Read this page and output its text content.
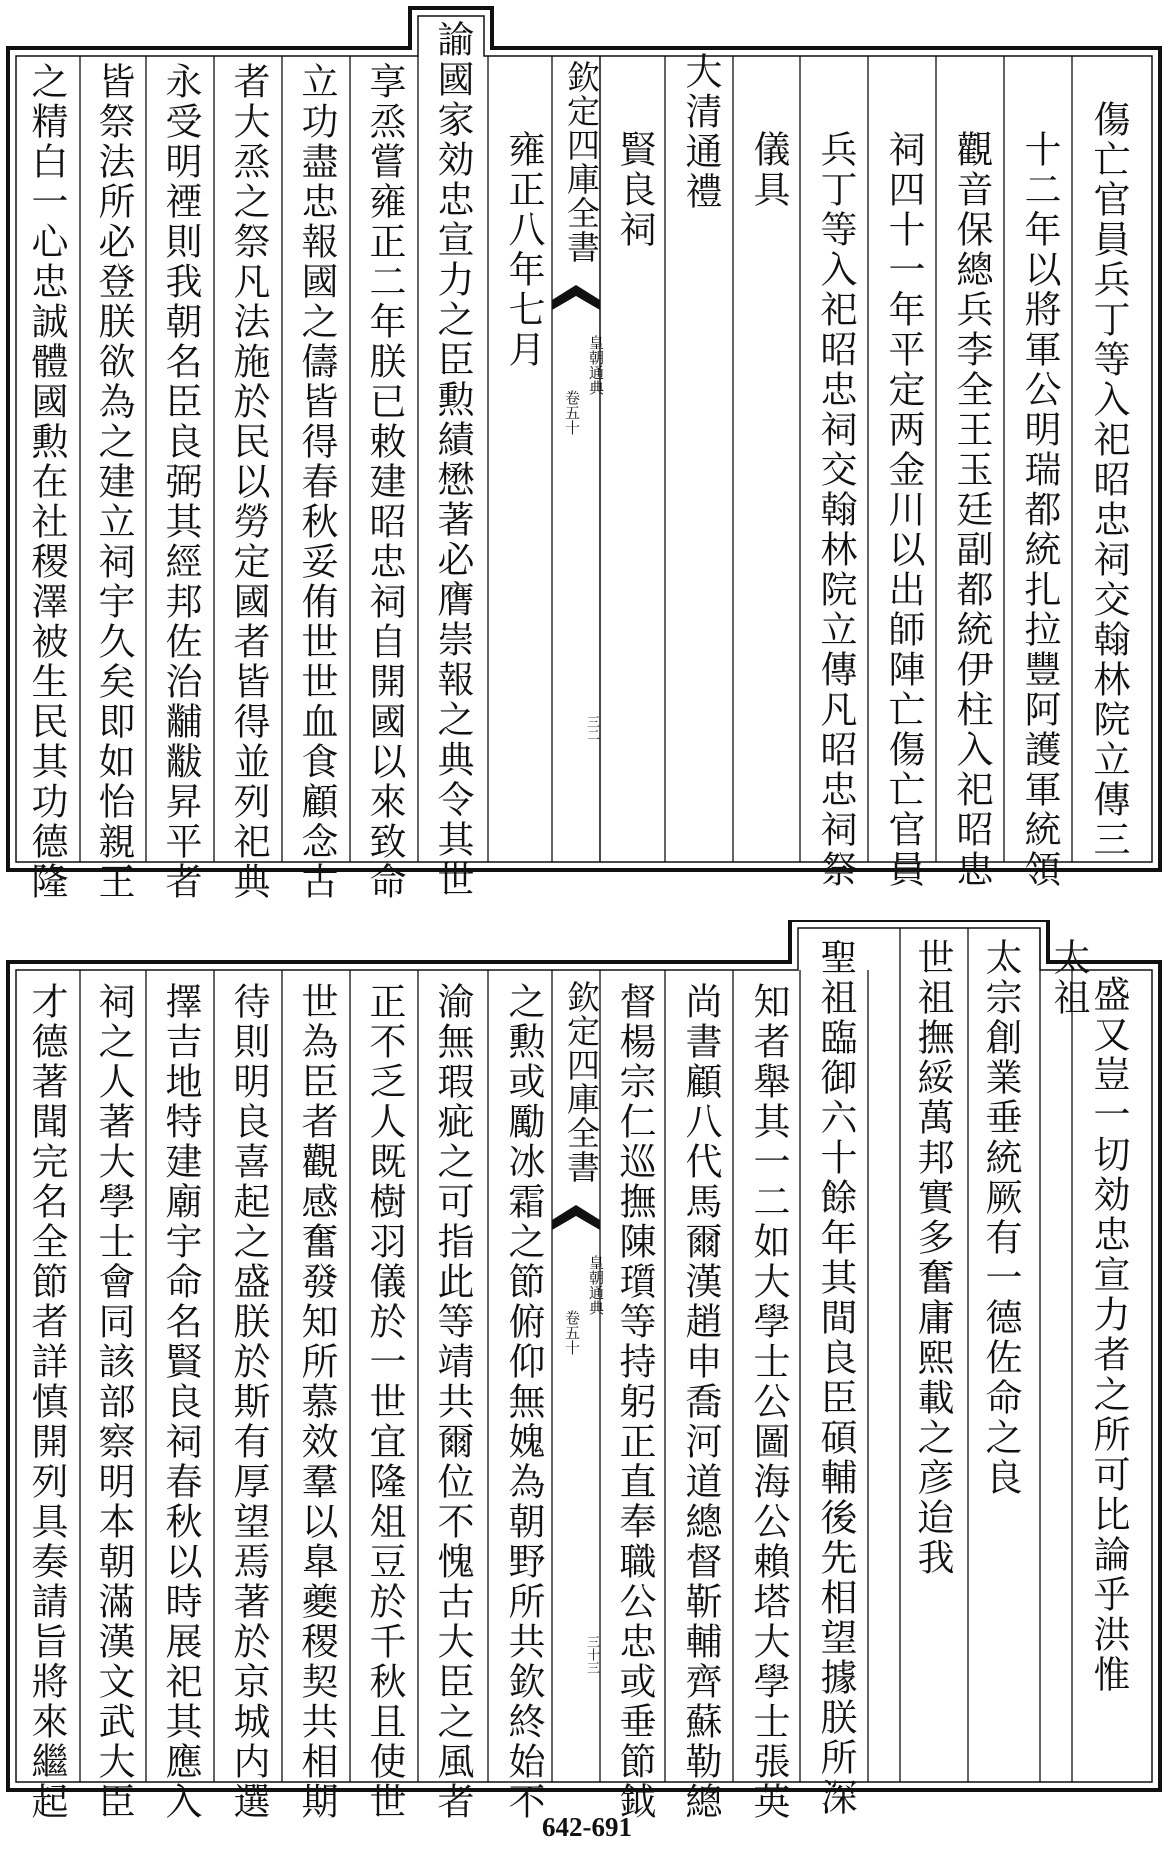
傷亡官員兵丁等入祀昭忠祠交翰林院立傳三
十二年以將軍公明瑞都統扎拉豐阿護軍統領
觀音保總兵李全王玉廷副都統伊柱入祀昭忠
祠四十一年平定两金川以出師陣亡傷亡官員
兵丁等入祀昭忠祠交翰林院立傳凡昭忠祠祭
儀具
大清通禮
賢良祠
欽定四庫全書
皇朝通典
卷五十
三二
雍正八年七月
諭國家効忠宣力之臣勲績懋著必膺崇報之典令其世
享烝嘗雍正二年朕已敕建昭忠祠自開國以來致命
立功盡忠報國之儔皆得春秋妥侑世世血食顧念古
者大烝之祭凡法施於民以勞定國者皆得並列祀典
永受明禋則我朝名臣良弼其經邦佐治黼黻昇平者
皆祭法所必登朕欲為之建立祠宇久矣即如怡親王
之精白一心忠誠體國勲在社稷澤被生民其功德隆
盛又豈一切効忠宣力者之所可比論乎洪惟
太祖
太宗創業垂統厥有一德佐命之良
世祖撫綏萬邦實多奮庸熙載之彦迨我
聖祖臨御六十餘年其間良臣碩輔後先相望據朕所深
知者舉其一二如大學士公圖海公賴塔大學士張英
尚書顧八代馬爾漢趙申喬河道總督靳輔齊蘇勒總
督楊宗仁巡撫陳瓆等持躬正直奉職公忠或垂節鉞
欽定四庫全書
皇朝通典
卷五十
三十三
之勲或勵冰霜之節俯仰無媿為朝野所共欽終始不
渝無瑕疵之可指此等靖共爾位不愧古大臣之風者
正不乏人既樹羽儀於一世宜隆俎豆於千秋且使世
世為臣者觀感奮發知所慕效羣以臯夔稷契共相期
待則明良喜起之盛朕於斯有厚望焉著於京城内選
擇吉地特建廟宇命名賢良祠春秋以時展祀其應入
祠之人著大學士會同該部察明本朝滿漢文武大臣
才德著聞完名全節者詳慎開列具奏請旨將來繼起
642-691
